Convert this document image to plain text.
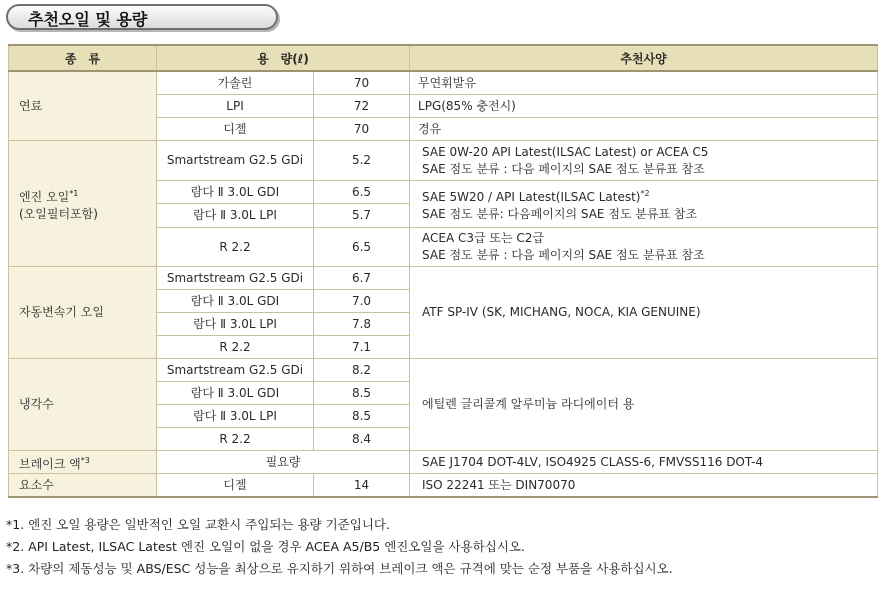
추천오일 및 용량
종　류	용　량(ℓ)		추천사양
연료	가솔린	70	무연휘발유
	LPI	72	LPG(85% 충전시)
	디젤	70	경유
엔진 오일$^{*1}$
(오일필터포함)	Smartstream G2.5 GDi	5.2	SAE 0W-20 API Latest(ILSAC Latest) or ACEA C5
SAE 점도 분류 : 다음 페이지의 SAE 점도 분류표 참조
	람다 Ⅱ 3.0L GDI	6.5	SAE 5W20 / API Latest(ILSAC Latest)$^{*2}$
SAE 점도 분류: 다음페이지의 SAE 점도 분류표 참조
	람다 Ⅱ 3.0L LPI	5.7	
	R 2.2	6.5	ACEA C3급 또는 C2급
SAE 점도 분류 : 다음 페이지의 SAE 점도 분류표 참조
자동변속기 오일	Smartstream G2.5 GDi	6.7	ATF SP-IV (SK, MICHANG, NOCA, KIA GENUINE)
	람다 Ⅱ 3.0L GDI	7.0	
	람다 Ⅱ 3.0L LPI	7.8	
	R 2.2	7.1	
냉각수	Smartstream G2.5 GDi	8.2	에틸렌 글리콜계 알루미늄 라디에이터 용
	람다 Ⅱ 3.0L GDI	8.5	
	람다 Ⅱ 3.0L LPI	8.5	
	R 2.2	8.4	
브레이크 액$^{*3}$	필요량		SAE J1704 DOT-4LV, ISO4925 CLASS-6, FMVSS116 DOT-4
요소수	디젤	14	ISO 22241 또는 DIN70070
*1. 엔진 오일 용량은 일반적인 오일 교환시 주입되는 용량 기준입니다.
*2. API Latest, ILSAC Latest 엔진 오일이 없을 경우 ACEA A5/B5 엔진오일을 사용하십시오.
*3. 차량의 제동성능 및 ABS/ESC 성능을 최상으로 유지하기 위하여 브레이크 액은 규격에 맞는 순정 부품을 사용하십시오.
